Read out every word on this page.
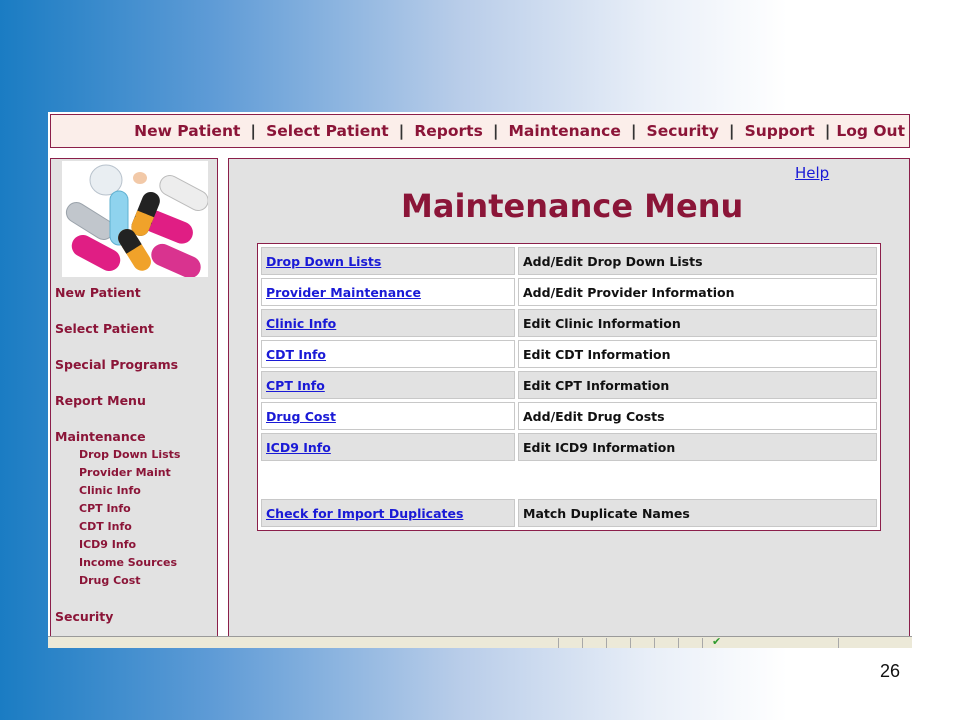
New Patient | Select Patient | Reports | Maintenance | Security | Support | Log Out
New Patient
Select Patient
Special Programs
Report Menu
Maintenance
Drop Down Lists
Provider Maint
Clinic Info
CPT Info
CDT Info
ICD9 Info
Income Sources
Drug Cost
Security
Help
Maintenance Menu
Drop Down Lists	Add/Edit Drop Down Lists
Provider Maintenance	Add/Edit Provider Information
Clinic Info	Edit Clinic Information
CDT Info	Edit CDT Information
CPT Info	Edit CPT Information
Drug Cost	Add/Edit Drug Costs
ICD9 Info	Edit ICD9 Information

Check for Import Duplicates	Match Duplicate Names
✔
26
